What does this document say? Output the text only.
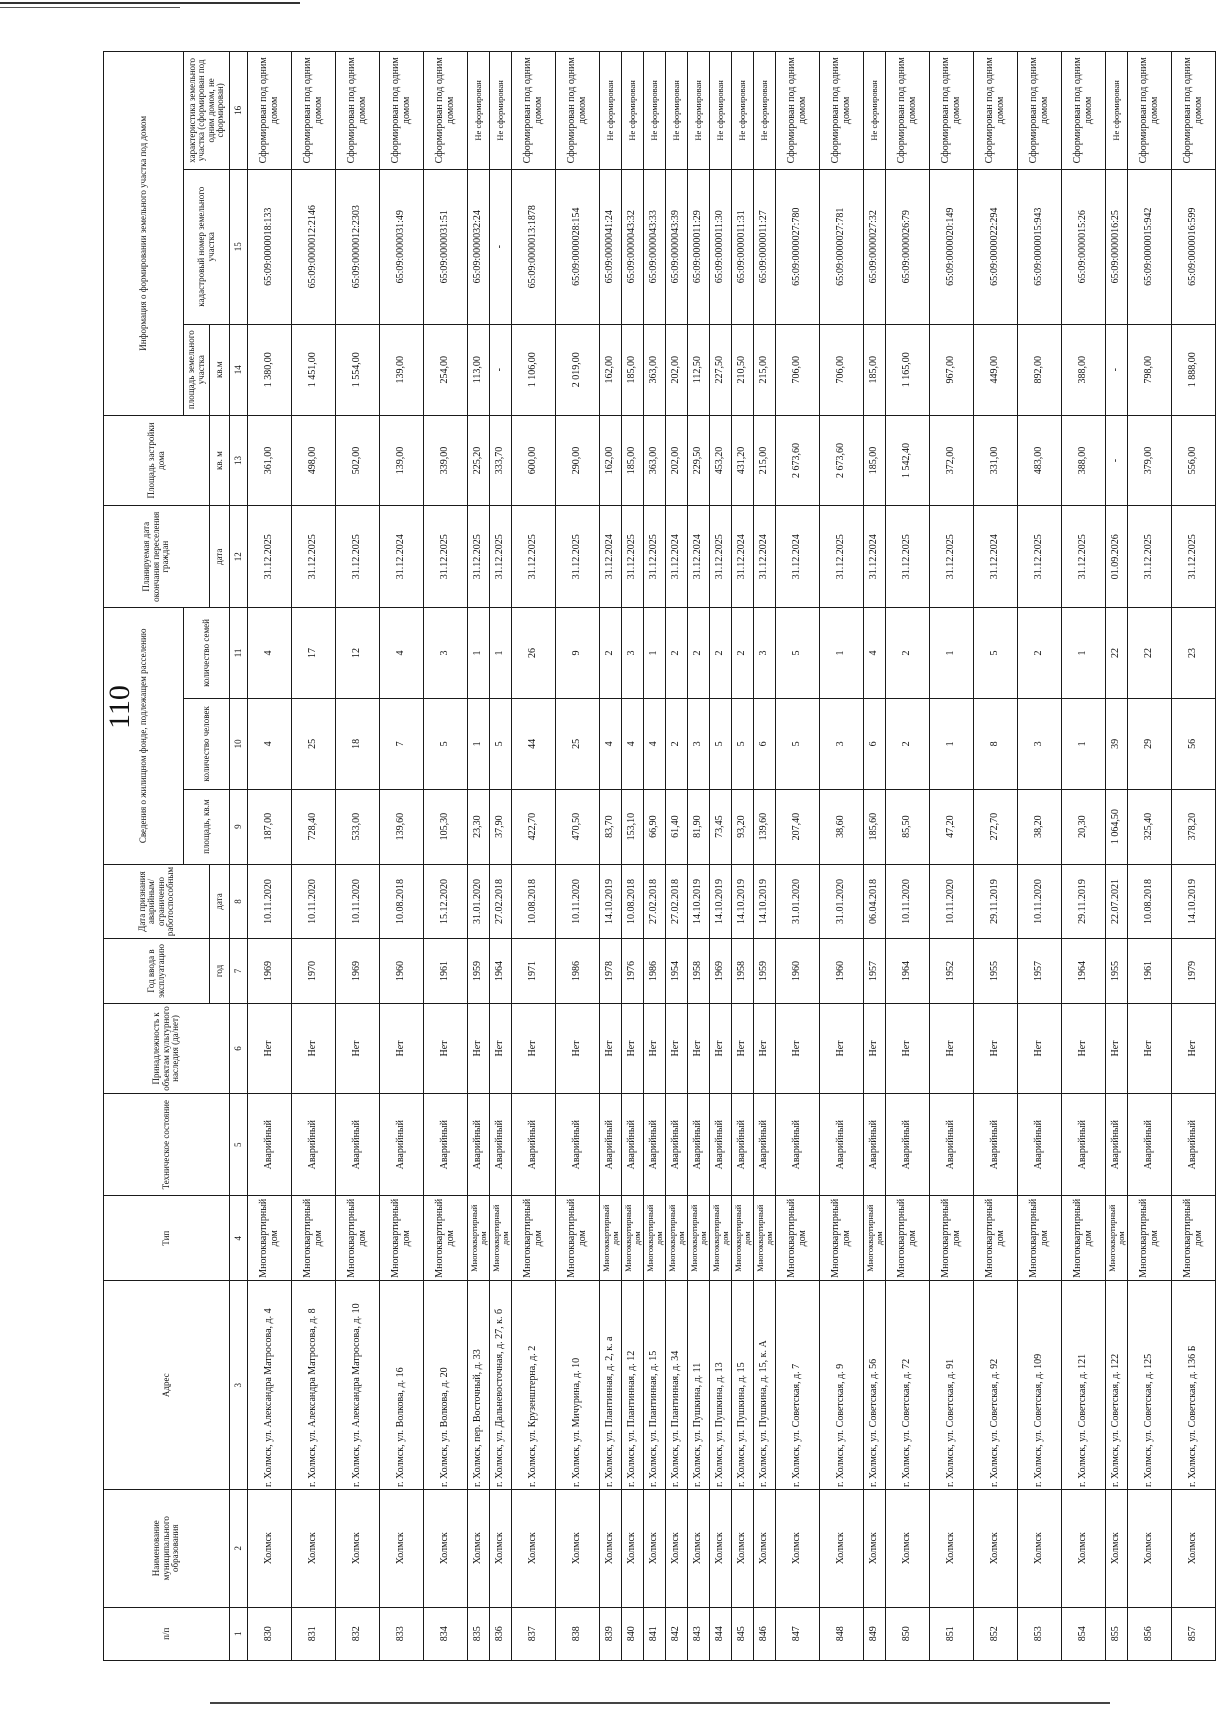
110
п/п	Наименование муниципального образования	Адрес	Тип	Техническое состояние	Принадлежность к объектам культурного наследия (да/нет)	Год ввода в эксплуатацию	Дата признания аварийным/ограниченно работоспособным	Сведения о жилищном фонде, подлежащем расселению			Планируемая дата окончания переселения граждан	Площадь застройки дома	Информация о формировании земельного участка под домом		
								площадь, кв.м	количество человек	количество семей			площадь земельного участка	кадастровый номер земельного участка	характеристика земельного участка (сформирован под одним домом, не сформирован)
						год	дата				дата	кв. м	кв.м		
1	2	3	4	5	6	7	8	9	10	11	12	13	14	15	16
830	Холмск	г. Холмск, ул. Александра Матросова, д. 4	Многоквартирный дом	Аварийный	Нет	1969	10.11.2020	187,00	4	4	31.12.2025	361,00	1 380,00	65:09:0000018:133	Сформирован под одним домом
831	Холмск	г. Холмск, ул. Александра Матросова, д. 8	Многоквартирный дом	Аварийный	Нет	1970	10.11.2020	728,40	25	17	31.12.2025	498,00	1 451,00	65:09:0000012:2146	Сформирован под одним домом
832	Холмск	г. Холмск, ул. Александра Матросова, д. 10	Многоквартирный дом	Аварийный	Нет	1969	10.11.2020	533,00	18	12	31.12.2025	502,00	1 554,00	65:09:0000012:2303	Сформирован под одним домом
833	Холмск	г. Холмск, ул. Волкова, д. 16	Многоквартирный дом	Аварийный	Нет	1960	10.08.2018	139,60	7	4	31.12.2024	139,00	139,00	65:09:0000031:49	Сформирован под одним домом
834	Холмск	г. Холмск, ул. Волкова, д. 20	Многоквартирный дом	Аварийный	Нет	1961	15.12.2020	105,30	5	3	31.12.2025	339,00	254,00	65:09:0000031:51	Сформирован под одним домом
835	Холмск	г. Холмск, пер. Восточный, д. 33	Многоквартирный дом	Аварийный	Нет	1959	31.01.2020	23,30	1	1	31.12.2025	225,20	113,00	65:09:0000032:24	Не сформирован
836	Холмск	г. Холмск, ул. Дальневосточная, д. 27, к. б	Многоквартирный дом	Аварийный	Нет	1964	27.02.2018	37,90	5	1	31.12.2025	333,70	-	-	Не сформирован
837	Холмск	г. Холмск, ул. Крузенштерна, д. 2	Многоквартирный дом	Аварийный	Нет	1971	10.08.2018	422,70	44	26	31.12.2025	600,00	1 106,00	65:09:0000013:1878	Сформирован под одним домом
838	Холмск	г. Холмск, ул. Мичурина, д. 10	Многоквартирный дом	Аварийный	Нет	1986	10.11.2020	470,50	25	9	31.12.2025	290,00	2 019,00	65:09:0000028:154	Сформирован под одним домом
839	Холмск	г. Холмск, ул. Плантинная, д. 2, к. а	Многоквартирный дом	Аварийный	Нет	1978	14.10.2019	83,70	4	2	31.12.2024	162,00	162,00	65:09:0000041:24	Не сформирован
840	Холмск	г. Холмск, ул. Плантинная, д. 12	Многоквартирный дом	Аварийный	Нет	1976	10.08.2018	153,10	4	3	31.12.2025	185,00	185,00	65:09:0000043:32	Не сформирован
841	Холмск	г. Холмск, ул. Плантинная, д. 15	Многоквартирный дом	Аварийный	Нет	1986	27.02.2018	66,90	4	1	31.12.2025	363,00	363,00	65:09:0000043:33	Не сформирован
842	Холмск	г. Холмск, ул. Плантинная, д. 34	Многоквартирный дом	Аварийный	Нет	1954	27.02.2018	61,40	2	2	31.12.2024	202,00	202,00	65:09:0000043:39	Не сформирован
843	Холмск	г. Холмск, ул. Пушкина, д. 11	Многоквартирный дом	Аварийный	Нет	1958	14.10.2019	81,90	3	2	31.12.2024	229,50	112,50	65:09:0000011:29	Не сформирован
844	Холмск	г. Холмск, ул. Пушкина, д. 13	Многоквартирный дом	Аварийный	Нет	1969	14.10.2019	73,45	5	2	31.12.2025	453,20	227,50	65:09:0000011:30	Не сформирован
845	Холмск	г. Холмск, ул. Пушкина, д. 15	Многоквартирный дом	Аварийный	Нет	1958	14.10.2019	93,20	5	2	31.12.2024	431,20	210,50	65:09:0000011:31	Не сформирован
846	Холмск	г. Холмск, ул. Пушкина, д. 15, к. А	Многоквартирный дом	Аварийный	Нет	1959	14.10.2019	139,60	6	3	31.12.2024	215,00	215,00	65:09:0000011:27	Не сформирован
847	Холмск	г. Холмск, ул. Советская, д. 7	Многоквартирный дом	Аварийный	Нет	1960	31.01.2020	207,40	5	5	31.12.2024	2 673,60	706,00	65:09:0000027:780	Сформирован под одним домом
848	Холмск	г. Холмск, ул. Советская, д. 9	Многоквартирный дом	Аварийный	Нет	1960	31.01.2020	38,60	3	1	31.12.2025	2 673,60	706,00	65:09:0000027:781	Сформирован под одним домом
849	Холмск	г. Холмск, ул. Советская, д. 56	Многоквартирный дом	Аварийный	Нет	1957	06.04.2018	185,60	6	4	31.12.2024	185,00	185,00	65:09:0000027:32	Не сформирован
850	Холмск	г. Холмск, ул. Советская, д. 72	Многоквартирный дом	Аварийный	Нет	1964	10.11.2020	85,50	2	2	31.12.2025	1 542,40	1 165,00	65:09:0000026:79	Сформирован под одним домом
851	Холмск	г. Холмск, ул. Советская, д. 91	Многоквартирный дом	Аварийный	Нет	1952	10.11.2020	47,20	1	1	31.12.2025	372,00	967,00	65:09:0000020:149	Сформирован под одним домом
852	Холмск	г. Холмск, ул. Советская, д. 92	Многоквартирный дом	Аварийный	Нет	1955	29.11.2019	272,70	8	5	31.12.2024	331,00	449,00	65:09:0000022:294	Сформирован под одним домом
853	Холмск	г. Холмск, ул. Советская, д. 109	Многоквартирный дом	Аварийный	Нет	1957	10.11.2020	38,20	3	2	31.12.2025	483,00	892,00	65:09:0000015:943	Сформирован под одним домом
854	Холмск	г. Холмск, ул. Советская, д. 121	Многоквартирный дом	Аварийный	Нет	1964	29.11.2019	20,30	1	1	31.12.2025	388,00	388,00	65:09:0000015:26	Сформирован под одним домом
855	Холмск	г. Холмск, ул. Советская, д. 122	Многоквартирный дом	Аварийный	Нет	1955	22.07.2021	1 064,50	39	22	01.09.2026	-	-	65:09:0000016:25	Не сформирован
856	Холмск	г. Холмск, ул. Советская, д. 125	Многоквартирный дом	Аварийный	Нет	1961	10.08.2018	325,40	29	22	31.12.2025	379,00	798,00	65:09:0000015:942	Сформирован под одним домом
857	Холмск	г. Холмск, ул. Советская, д. 136 Б	Многоквартирный дом	Аварийный	Нет	1979	14.10.2019	378,20	56	23	31.12.2025	556,00	1 888,00	65:09:0000016:599	Сформирован под одним домом
